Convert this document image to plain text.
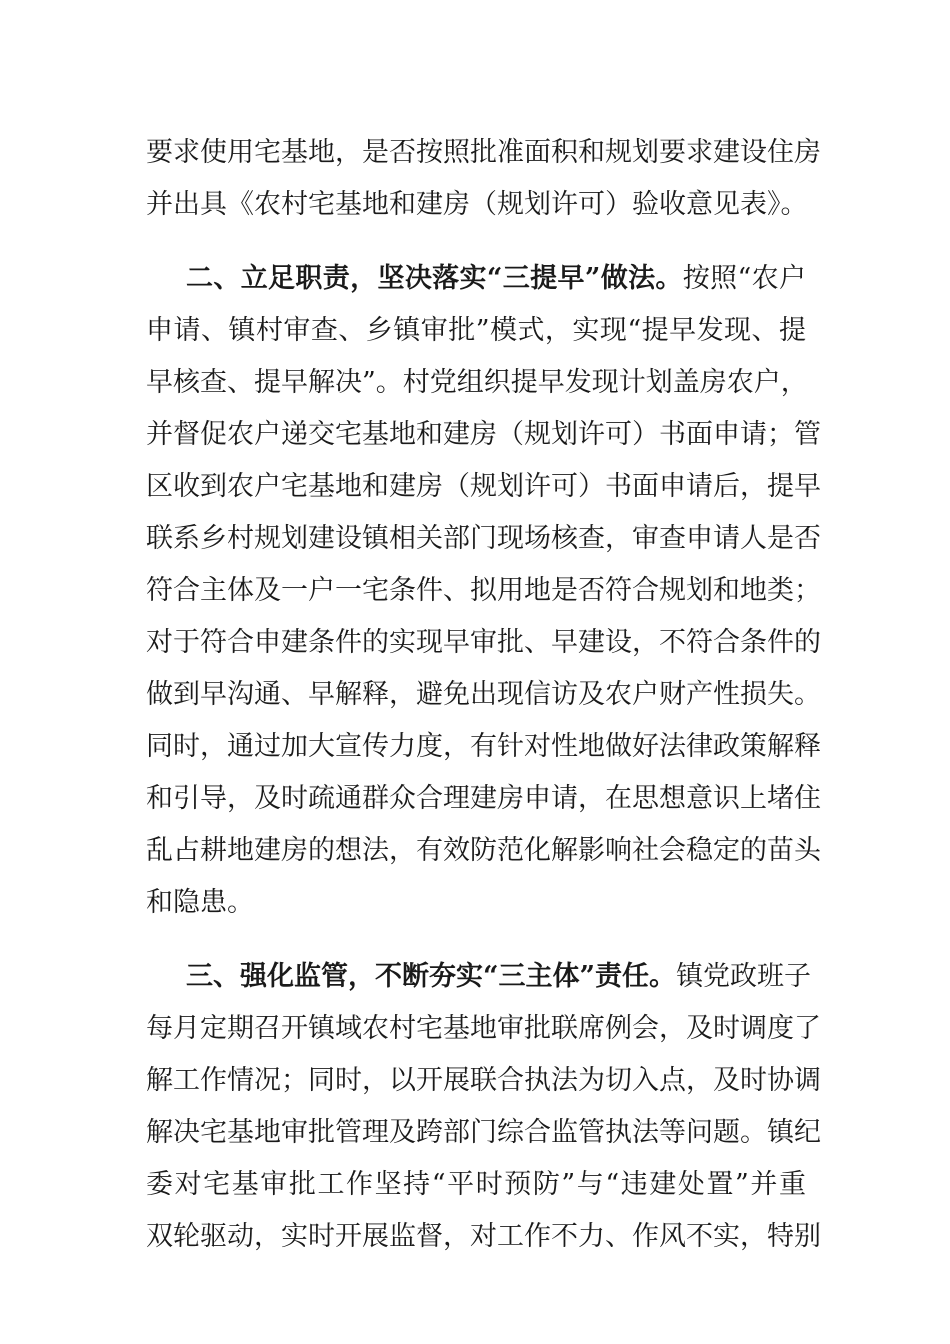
要求使用宅基地，是否按照批准面积和规划要求建设住房
并出具《农村宅基地和建房（规划许可）验收意见表》。
二、立足职责，坚决落实“三提早”做法。按照“农户
申请、镇村审查、乡镇审批”模式，实现“提早发现、提
早核查、提早解决”。村党组织提早发现计划盖房农户，
并督促农户递交宅基地和建房（规划许可）书面申请；管
区收到农户宅基地和建房（规划许可）书面申请后，提早
联系乡村规划建设镇相关部门现场核查，审查申请人是否
符合主体及一户一宅条件、拟用地是否符合规划和地类；
对于符合申建条件的实现早审批、早建设，不符合条件的
做到早沟通、早解释，避免出现信访及农户财产性损失。
同时，通过加大宣传力度，有针对性地做好法律政策解释
和引导，及时疏通群众合理建房申请，在思想意识上堵住
乱占耕地建房的想法，有效防范化解影响社会稳定的苗头
和隐患。
三、强化监管，不断夯实“三主体”责任。镇党政班子
每月定期召开镇域农村宅基地审批联席例会，及时调度了
解工作情况；同时，以开展联合执法为切入点，及时协调
解决宅基地审批管理及跨部门综合监管执法等问题。镇纪
委对宅基审批工作坚持“平时预防”与“违建处置”并重
双轮驱动，实时开展监督，对工作不力、作风不实，特别
